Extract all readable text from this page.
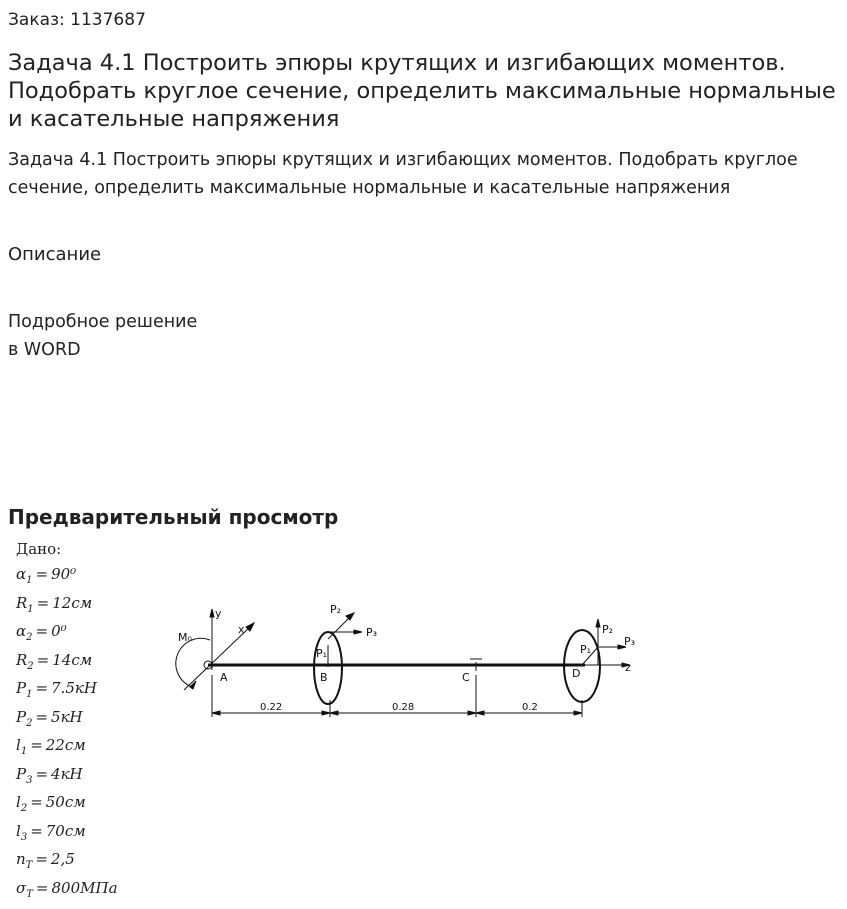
Заказ: 1137687
Задача 4.1 Построить эпюры крутящих и изгибающих моментов. Подобрать круглое сечение, определить максимальные нормальные и касательные напряжения
Задача 4.1 Построить эпюры крутящих и изгибающих моментов. Подобрать круглое сечение, определить максимальные нормальные и касательные напряжения
Описание
Подробное решение
в WORD
Предварительный просмотр
Дано:
$\alpha_1 = 90^0$
$R_1 = 12см$
$\alpha_2 = 0^0$
$R_2 = 14см$
$P_1 = 7.5кН$
$P_2 = 5кН$
$l_1 = 22см$
$P_3 = 4кН$
$l_2 = 50см$
$l_3 = 70см$
$n_T = 2,5$
$\sigma_T = 800МПа$
y
x
z
M₀
A	B	C	D
P₁
P₂
P₃
P₁
P₂
P₃
0.22	0.28	0.2
